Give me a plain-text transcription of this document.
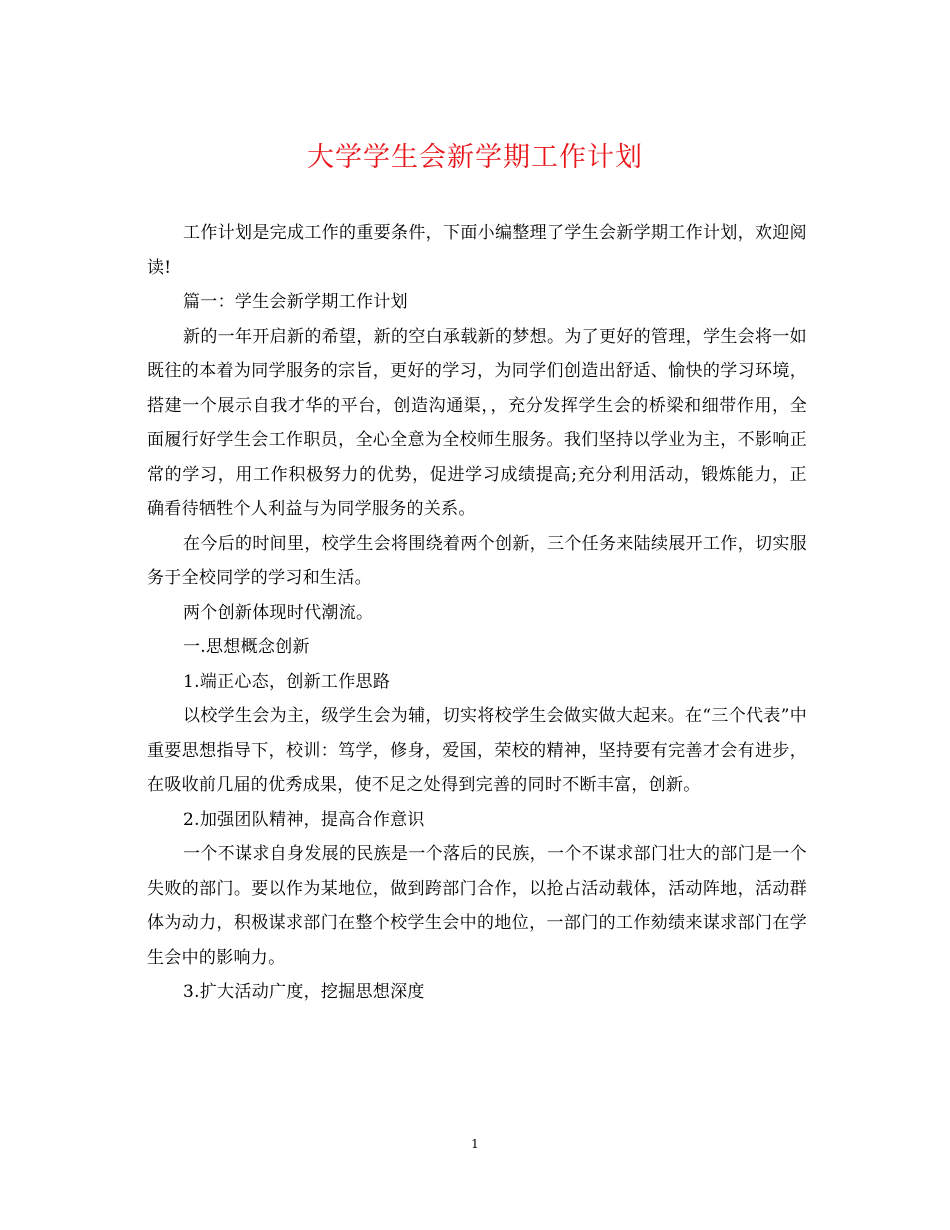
大学学生会新学期工作计划

工作计划是完成工作的重要条件，下面小编整理了学生会新学期工作计划，欢迎阅读!

篇一：学生会新学期工作计划

新的一年开启新的希望，新的空白承载新的梦想。为了更好的管理，学生会将一如既往的本着为同学服务的宗旨，更好的学习，为同学们创造出舒适、愉快的学习环境，搭建一个展示自我才华的平台，创造沟通渠，，充分发挥学生会的桥梁和细带作用，全面履行好学生会工作职员，全心全意为全校师生服务。我们坚持以学业为主，不影响正常的学习，用工作积极努力的优势，促进学习成绩提高;充分利用活动，锻炼能力，正确看待牺牲个人利益与为同学服务的关系。

在今后的时间里，校学生会将围绕着两个创新，三个任务来陆续展开工作，切实服务于全校同学的学习和生活。

两个创新体现时代潮流。

一.思想概念创新

1.端正心态，创新工作思路

以校学生会为主，级学生会为辅，切实将校学生会做实做大起来。在“三个代表”中重要思想指导下，校训：笃学，修身，爱国，荣校的精神，坚持要有完善才会有进步，在吸收前几届的优秀成果，使不足之处得到完善的同时不断丰富，创新。

2.加强团队精神，提高合作意识

一个不谋求自身发展的民族是一个落后的民族，一个不谋求部门壮大的部门是一个失败的部门。要以作为某地位，做到跨部门合作，以抢占活动载体，活动阵地，活动群体为动力，积极谋求部门在整个校学生会中的地位，一部门的工作劾绩来谋求部门在学生会中的影响力。

3.扩大活动广度，挖掘思想深度

1
